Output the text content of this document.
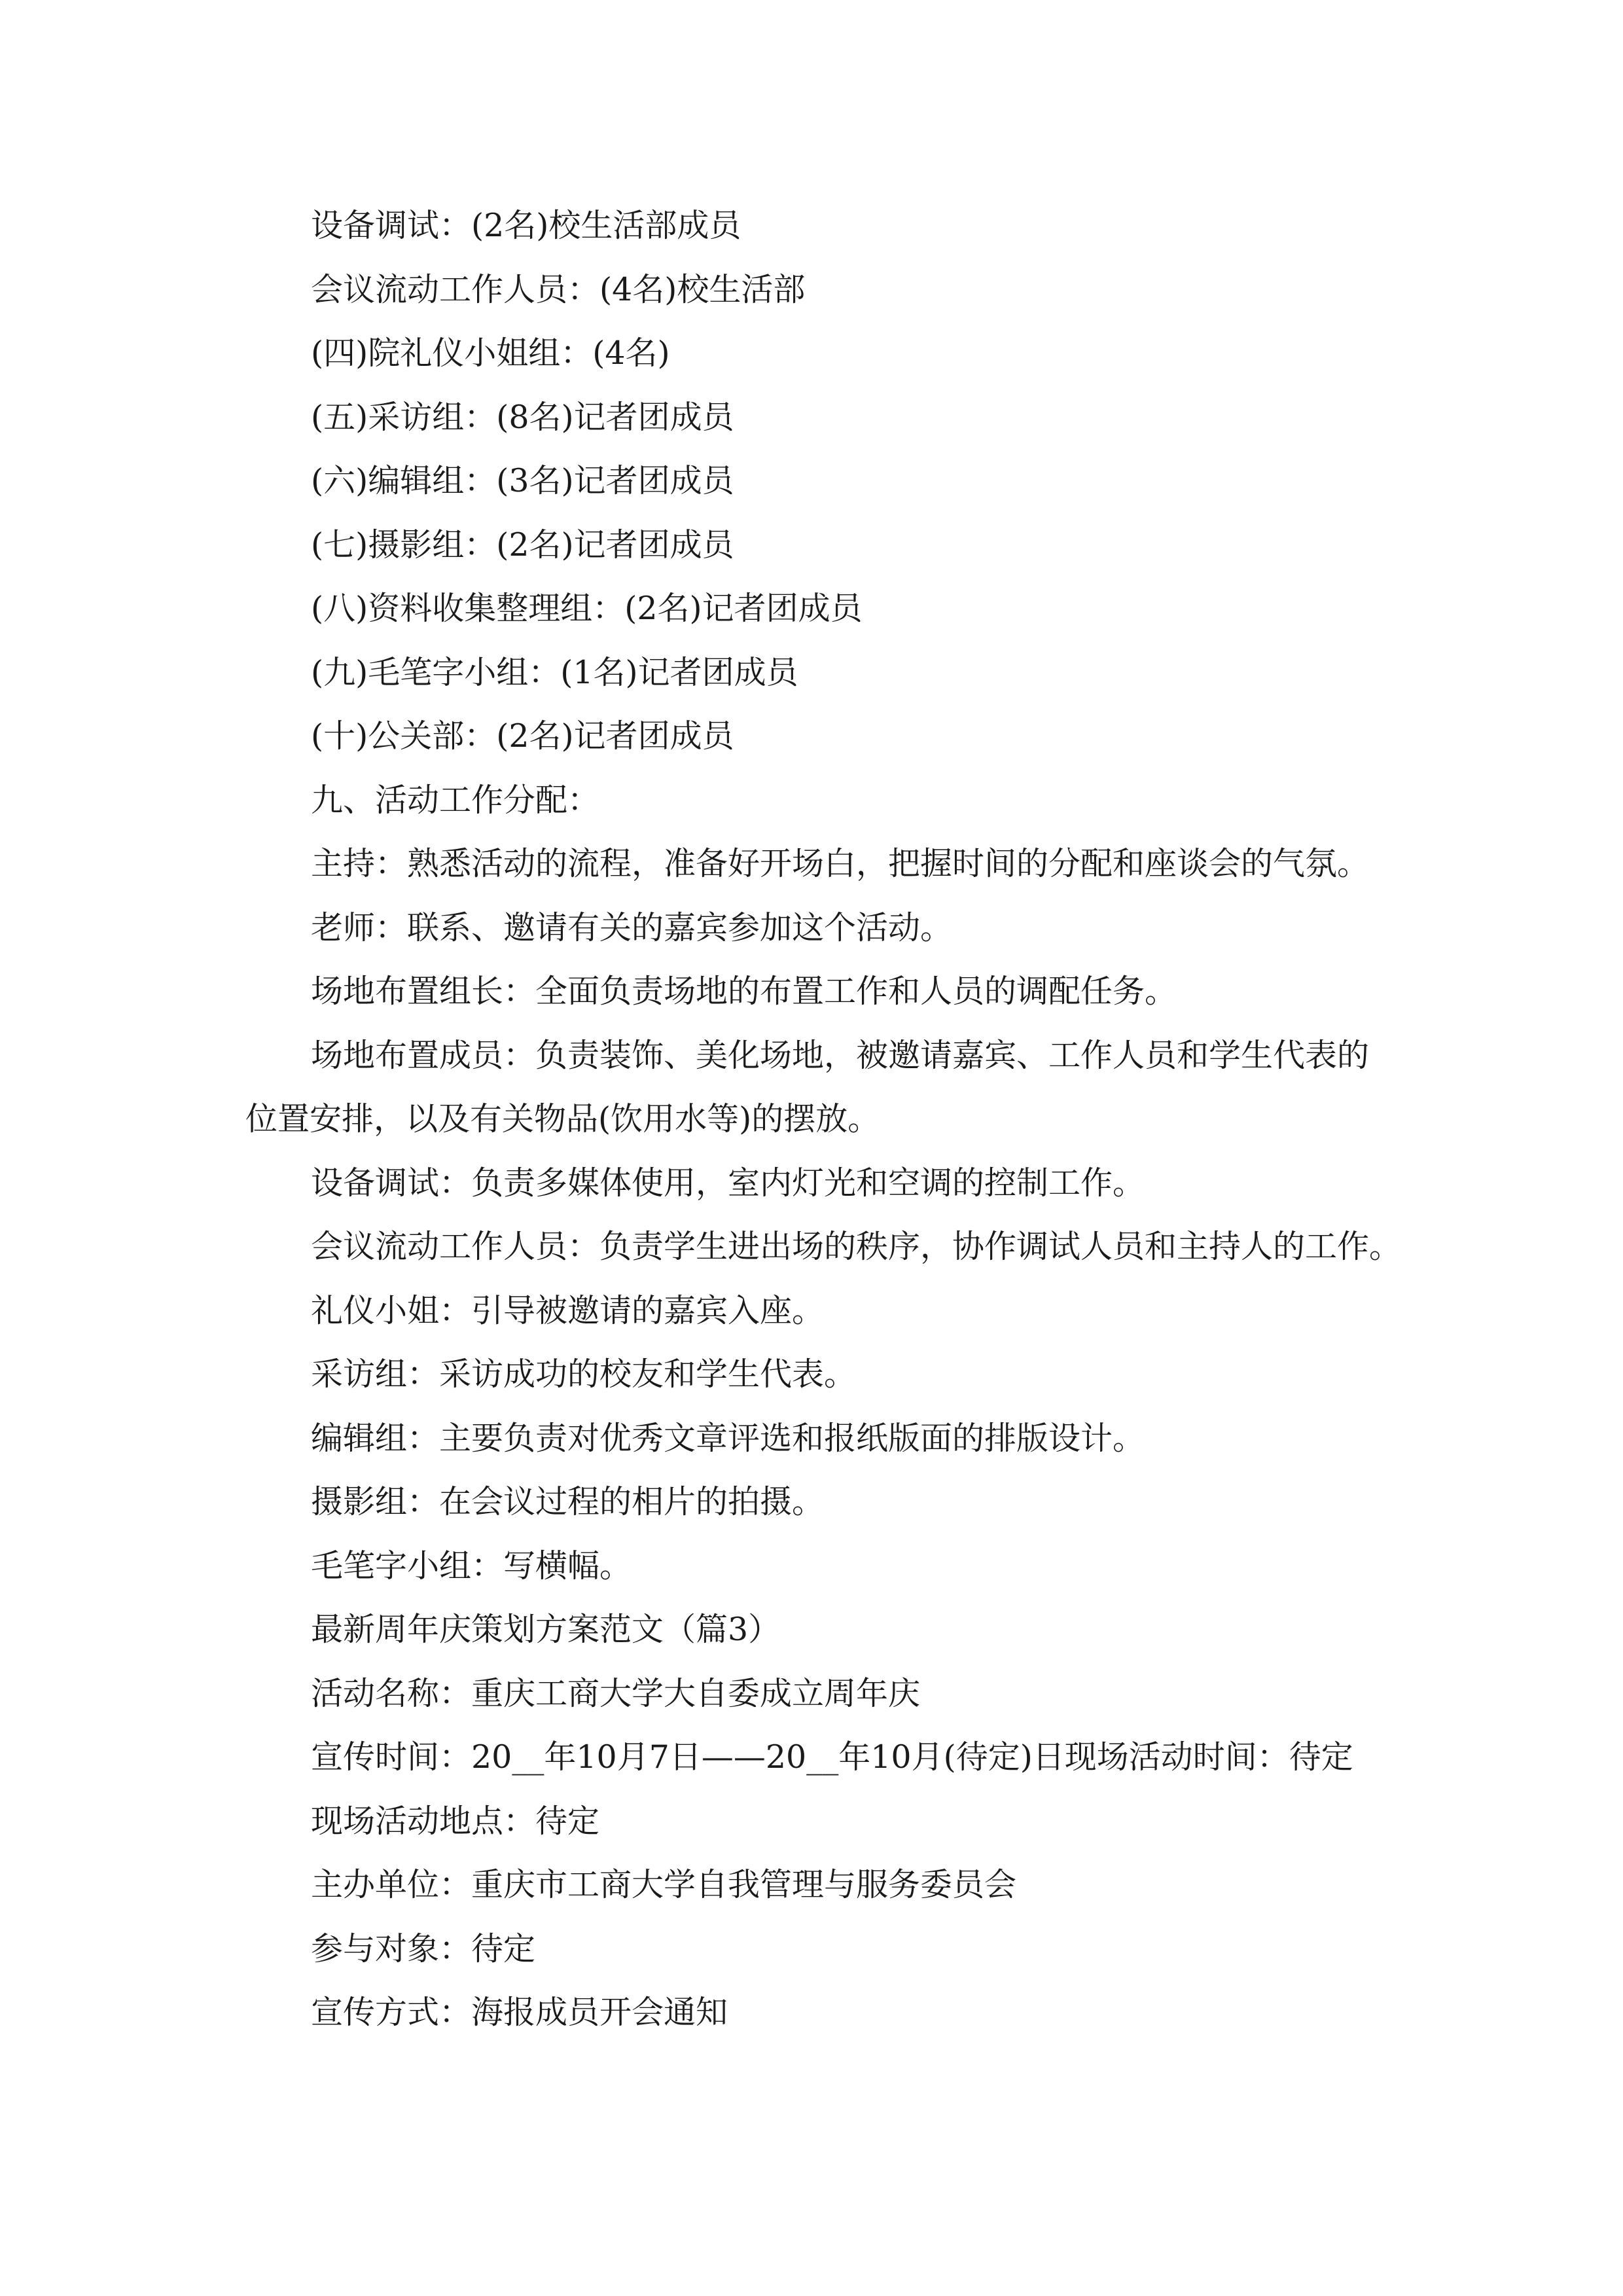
设备调试：(2名)校生活部成员
会议流动工作人员：(4名)校生活部
(四)院礼仪小姐组：(4名)
(五)采访组：(8名)记者团成员
(六)编辑组：(3名)记者团成员
(七)摄影组：(2名)记者团成员
(八)资料收集整理组：(2名)记者团成员
(九)毛笔字小组：(1名)记者团成员
(十)公关部：(2名)记者团成员
九、活动工作分配：
主持：熟悉活动的流程，准备好开场白，把握时间的分配和座谈会的气氛。
老师：联系、邀请有关的嘉宾参加这个活动。
场地布置组长：全面负责场地的布置工作和人员的调配任务。
场地布置成员：负责装饰、美化场地，被邀请嘉宾、工作人员和学生代表的
位置安排，以及有关物品(饮用水等)的摆放。
设备调试：负责多媒体使用，室内灯光和空调的控制工作。
会议流动工作人员：负责学生进出场的秩序，协作调试人员和主持人的工作。
礼仪小姐：引导被邀请的嘉宾入座。
采访组：采访成功的校友和学生代表。
编辑组：主要负责对优秀文章评选和报纸版面的排版设计。
摄影组：在会议过程的相片的拍摄。
毛笔字小组：写横幅。
最新周年庆策划方案范文（篇3）
活动名称：重庆工商大学大自委成立周年庆
宣传时间：20__年10月7日——20__年10月(待定)日现场活动时间：待定
现场活动地点：待定
主办单位：重庆市工商大学自我管理与服务委员会
参与对象：待定
宣传方式：海报成员开会通知
